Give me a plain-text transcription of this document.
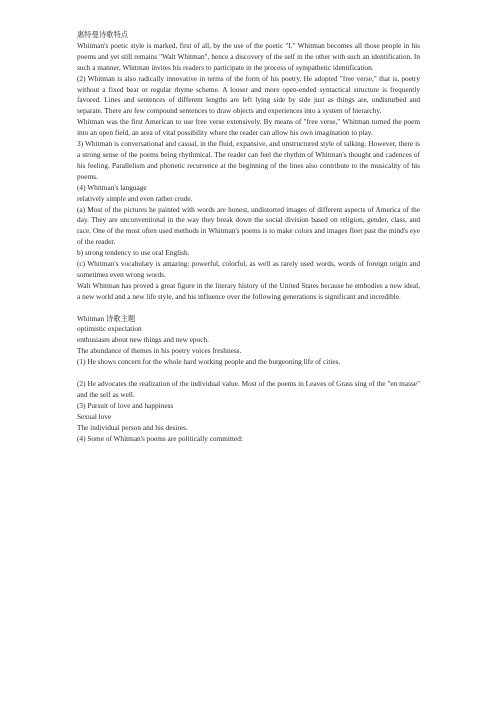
惠特曼诗歌特点

Whitman's poetic style is marked, first of all, by the use of the poetic "I." Whitman becomes all those people in his poems and yet still remains "Walt Whitman", hence a discovery of the self in the other with such an identification. In such a manner, Whitman invites his readers to participate in the process of sympathetic identification.

(2) Whitman is also radically innovative in terms of the form of his poetry. He adopted "free verse," that is, poetry without a fixed beat or regular rhyme scheme. A looser and more open-ended syntactical structure is frequently favored. Lines and sentences of different lengths are left lying side by side just as things are, undisturbed and separate. There are few compound sentences to draw objects and experiences into a system of hierarchy.

Whitman was the first American to use free verse extensively. By means of "free verse," Whitman turned the poem into an open field, an area of vital possibility where the reader can allow his own imagination to play.

3) Whitman is conversational and casual, in the fluid, expansive, and unstructured style of talking. However, there is a strong sense of the poems being rhythmical. The reader can feel the rhythm of Whitman's thought and cadences of his feeling. Parallelism and phonetic recurrence at the beginning of the lines also contribute to the musicality of his poems.

(4) Whitman's language

relatively simple and even rather crude.

(a) Most of the pictures he painted with words are honest, undistorted images of different aspects of America of the day. They are unconventional in the way they break down the social division based on religion, gender, class, and race. One of the most often used methods in Whitman's poems is to make colors and images fleet past the mind's eye of the reader.

b) strong tendency to use oral English.

(c) Whitman's vocabulary is amazing: powerful, colorful, as well as rarely used words, words of foreign origin and sometimes even wrong words.

Walt Whitman has proved a great figure in the literary history of the United States because he embodies a new ideal, a new world and a new life style, and his influence over the following generations is significant and incredible.

Whitman 诗歌主题

optimistic expectation

enthusiasm about new things and new epoch.

The abundance of themes in his poetry voices freshness.

(1) He shows concern for the whole hard working people and the burgeoning life of cities.

(2) He advocates the realization of the individual value. Most of the poems in Leaves of Grass sing of the "en masse" and the self as well.

(3) Pursuit of love and happiness

Sexual love

The individual person and his desires.

(4) Some of Whitman's poems are politically committed:
